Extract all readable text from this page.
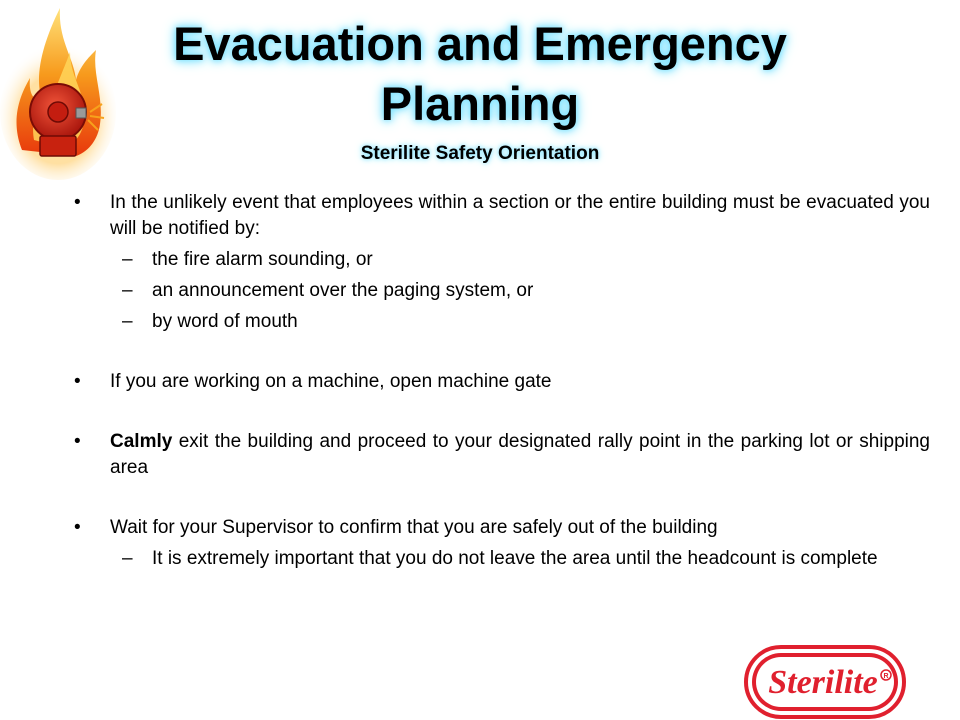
Evacuation and Emergency
Planning
Sterilite Safety Orientation

• In the unlikely event that employees within a section or the entire building must be evacuated you will be notified by:

– the fire alarm sounding, or

– an announcement over the paging system, or

– by word of mouth

• If you are working on a machine, open machine gate

• Calmly exit the building and proceed to your designated rally point in the parking lot or shipping area

• Wait for your Supervisor to confirm that you are safely out of the building

– It is extremely important that you do not leave the area until the headcount is complete

Sterilite R
